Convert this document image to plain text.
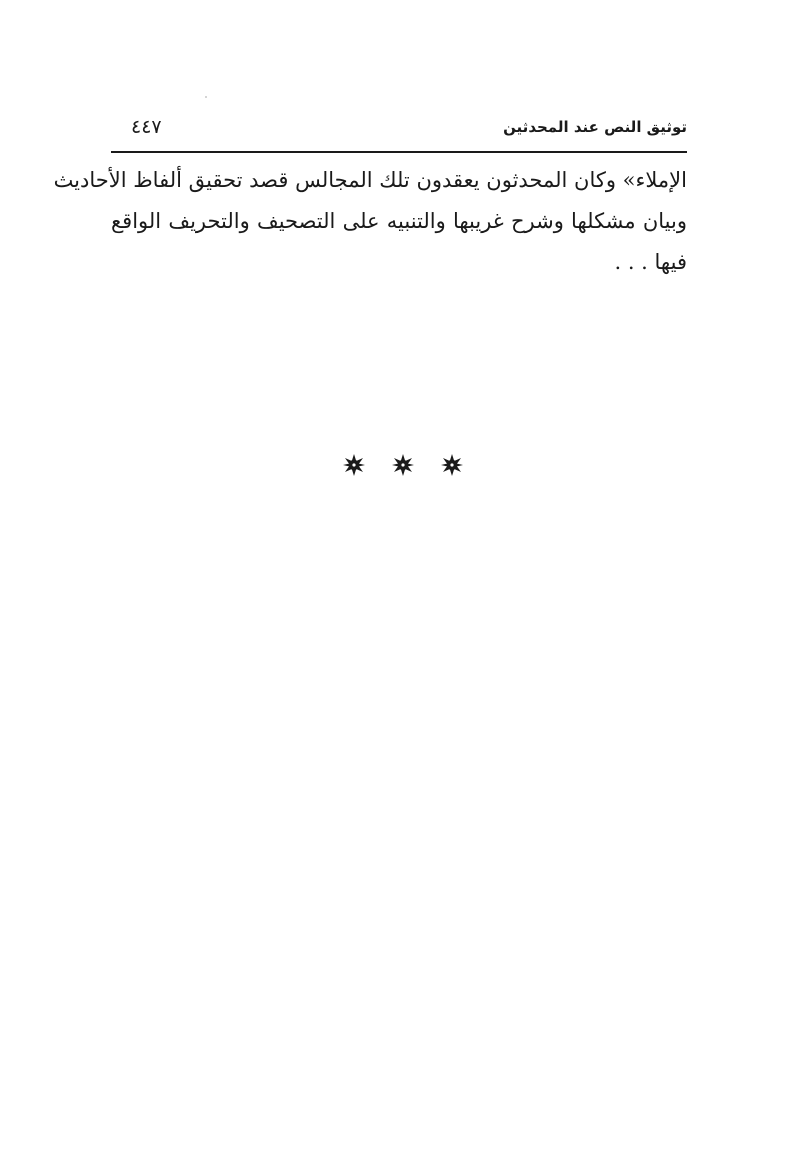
توثيق النص عند المحدثين
٤٤٧
الإملاء» وكان المحدثون يعقدون تلك المجالس قصد تحقيق ألفاظ الأحاديث
وبيان مشكلها وشرح غريبها والتنبيه على التصحيف والتحريف الواقع
فيها . . .
